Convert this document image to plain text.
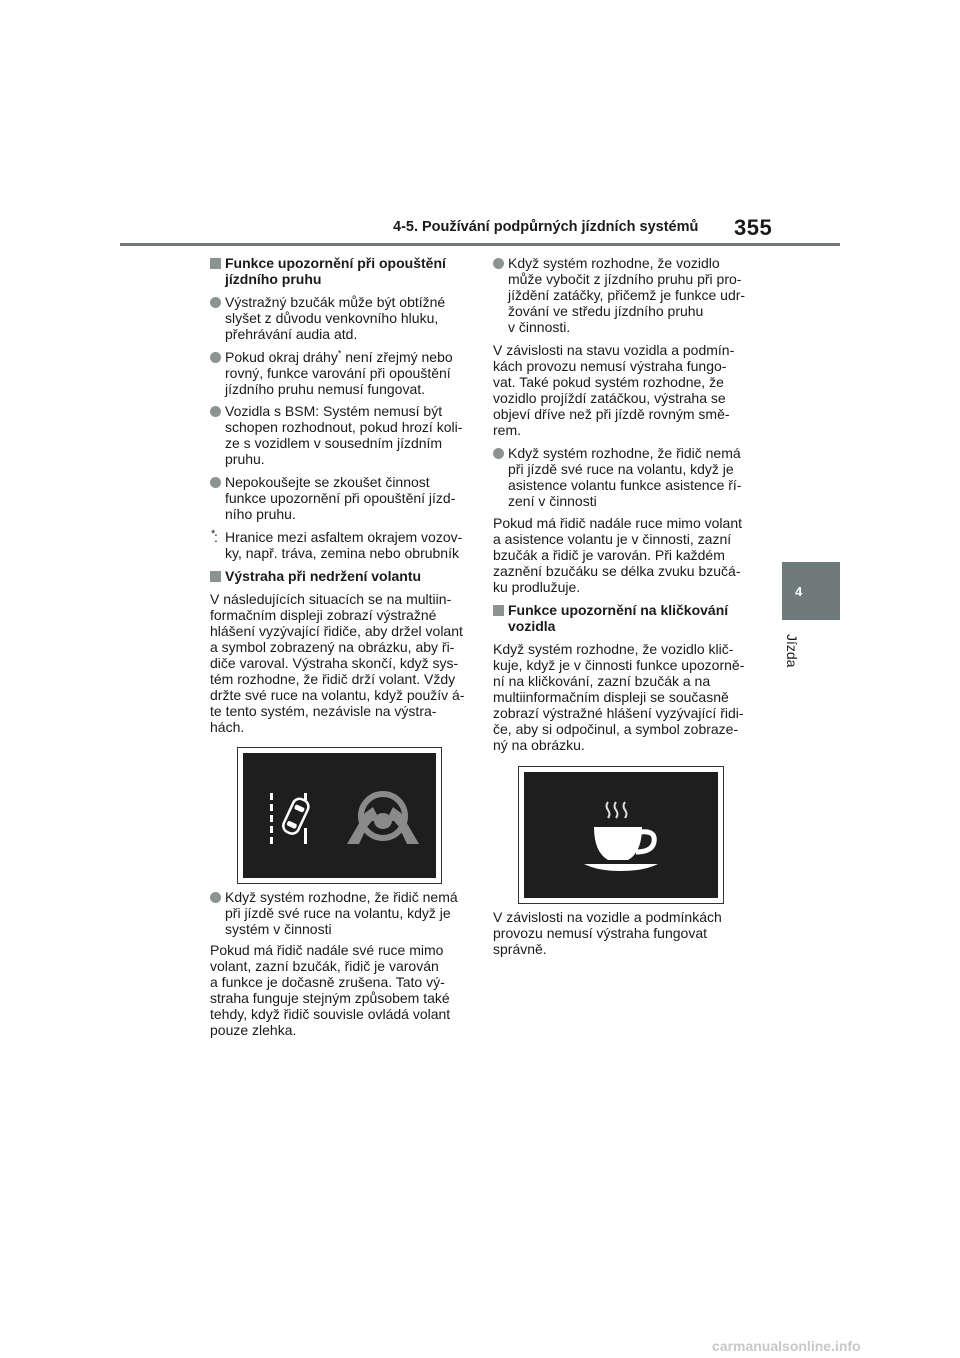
4-5. Používání podpůrných jízdních systémů 355
4
Jízda
Funkce upozornění při opouštění
jízdního pruhu
Výstražný bzučák může být obtížné
slyšet z důvodu venkovního hluku,
přehrávání audia atd.
Pokud okraj dráhy* není zřejmý nebo
rovný, funkce varování při opouštění
jízdního pruhu nemusí fungovat.
Vozidla s BSM: Systém nemusí být
schopen rozhodnout, pokud hrozí koli-
ze s vozidlem v sousedním jízdním
pruhu.
Nepokoušejte se zkoušet činnost
funkce upozornění při opouštění jízd-
ního pruhu.
*
: Hranice mezi asfaltem okrajem vozov-
ky, např. tráva, zemina nebo obrubník
Výstraha při nedržení volantu
V následujících situacích se na multiin-
formačním displeji zobrazí výstražné
hlášení vyzývající řidiče, aby držel volant
a symbol zobrazený na obrázku, aby ři-
diče varoval. Výstraha skončí, když sys-
tém rozhodne, že řidič drží volant. Vždy
držte své ruce na volantu, když použív á-
te tento systém, nezávisle na výstra-
hách.
Když systém rozhodne, že řidič nemá
při jízdě své ruce na volantu, když je
systém v činnosti
Pokud má řidič nadále své ruce mimo
volant, zazní bzučák, řidič je varován
a funkce je dočasně zrušena. Tato vý-
straha funguje stejným způsobem také
tehdy, když řidič souvisle ovládá volant
pouze zlehka.
Když systém rozhodne, že vozidlo
může vybočit z jízdního pruhu při pro-
jíždění zatáčky, přičemž je funkce udr-
žování ve středu jízdního pruhu
v činnosti.
V závislosti na stavu vozidla a podmín-
kách provozu nemusí výstraha fungo-
vat. Také pokud systém rozhodne, že
vozidlo projíždí zatáčkou, výstraha se
objeví dříve než při jízdě rovným smě-
rem.
Když systém rozhodne, že řidič nemá
při jízdě své ruce na volantu, když je
asistence volantu funkce asistence ří-
zení v činnosti
Pokud má řidič nadále ruce mimo volant
a asistence volantu je v činnosti, zazní
bzučák a řidič je varován. Při každém
zaznění bzučáku se délka zvuku bzučá-
ku prodlužuje.
Funkce upozornění na kličkování
vozidla
Když systém rozhodne, že vozidlo klič-
kuje, když je v činnosti funkce upozorně-
ní na kličkování, zazní bzučák a na
multiinformačním displeji se současně
zobrazí výstražné hlášení vyzývající řidi-
če, aby si odpočinul, a symbol zobraze-
ný na obrázku.
V závislosti na vozidle a podmínkách
provozu nemusí výstraha fungovat
správně.
carmanualsonline.info
